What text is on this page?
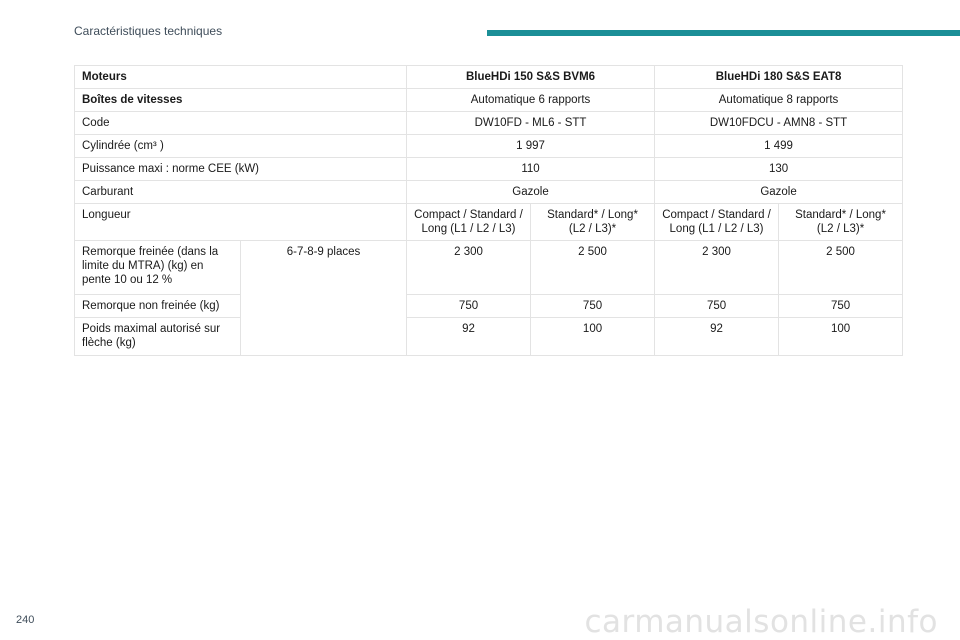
Caractéristiques techniques
Moteurs		BlueHDi 150 S&S BVM6		BlueHDi 180 S&S EAT8	
Boîtes de vitesses		Automatique 6 rapports		Automatique 8 rapports	
Code		DW10FD - ML6 - STT		DW10FDCU - AMN8 - STT	
Cylindrée (cm³ )		1 997		1 499	
Puissance maxi : norme CEE (kW)		110		130	
Carburant		Gazole		Gazole	
Longueur		Compact / Standard / Long (L1 / L2 / L3)	Standard* / Long* (L2 / L3)*	Compact / Standard / Long (L1 / L2 / L3)	Standard* / Long* (L2 / L3)*
Remorque freinée (dans la limite du MTRA) (kg) en pente 10 ou 12 %	6-7-8-9 places	2 300	2 500	2 300	2 500
Remorque non freinée (kg)		750	750	750	750
Poids maximal autorisé sur flèche (kg)		92	100	92	100
240	carmanualsonline.info
